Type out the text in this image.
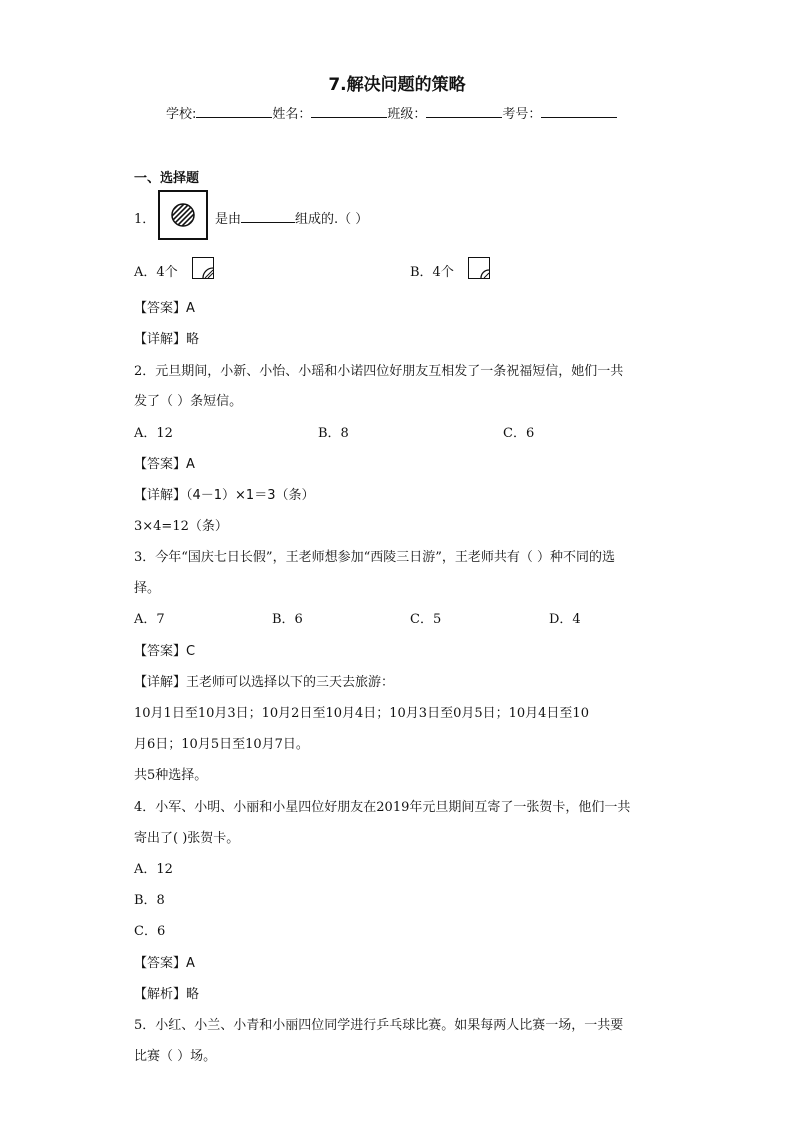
7.解决问题的策略
学校:	姓名：	班级：	考号：
一、选择题
1．	是由	组成的.（ ）
A．4个	B．4个
【答案】A
【详解】略
2．元旦期间，小新、小怡、小瑶和小诺四位好朋友互相发了一条祝福短信，她们一共
发了（ ）条短信。
A．12	B．8	C．6
【答案】A
【详解】（4－1）×1＝3（条）
3×4=12（条）
3．今年“国庆七日长假”，王老师想参加“西陵三日游”，王老师共有（ ）种不同的选
择。
A．7	B．6	C．5	D．4
【答案】C
【详解】王老师可以选择以下的三天去旅游：
10月1日至10月3日；10月2日至10月4日；10月3日至0月5日；10月4日至10
月6日；10月5日至10月7日。
共5种选择。
4．小军、小明、小丽和小星四位好朋友在2019年元旦期间互寄了一张贺卡，他们一共
寄出了( )张贺卡。
A．12
B．8
C．6
【答案】A
【解析】略
5．小红、小兰、小青和小丽四位同学进行乒乓球比赛。如果每两人比赛一场，一共要
比赛（ ）场。
